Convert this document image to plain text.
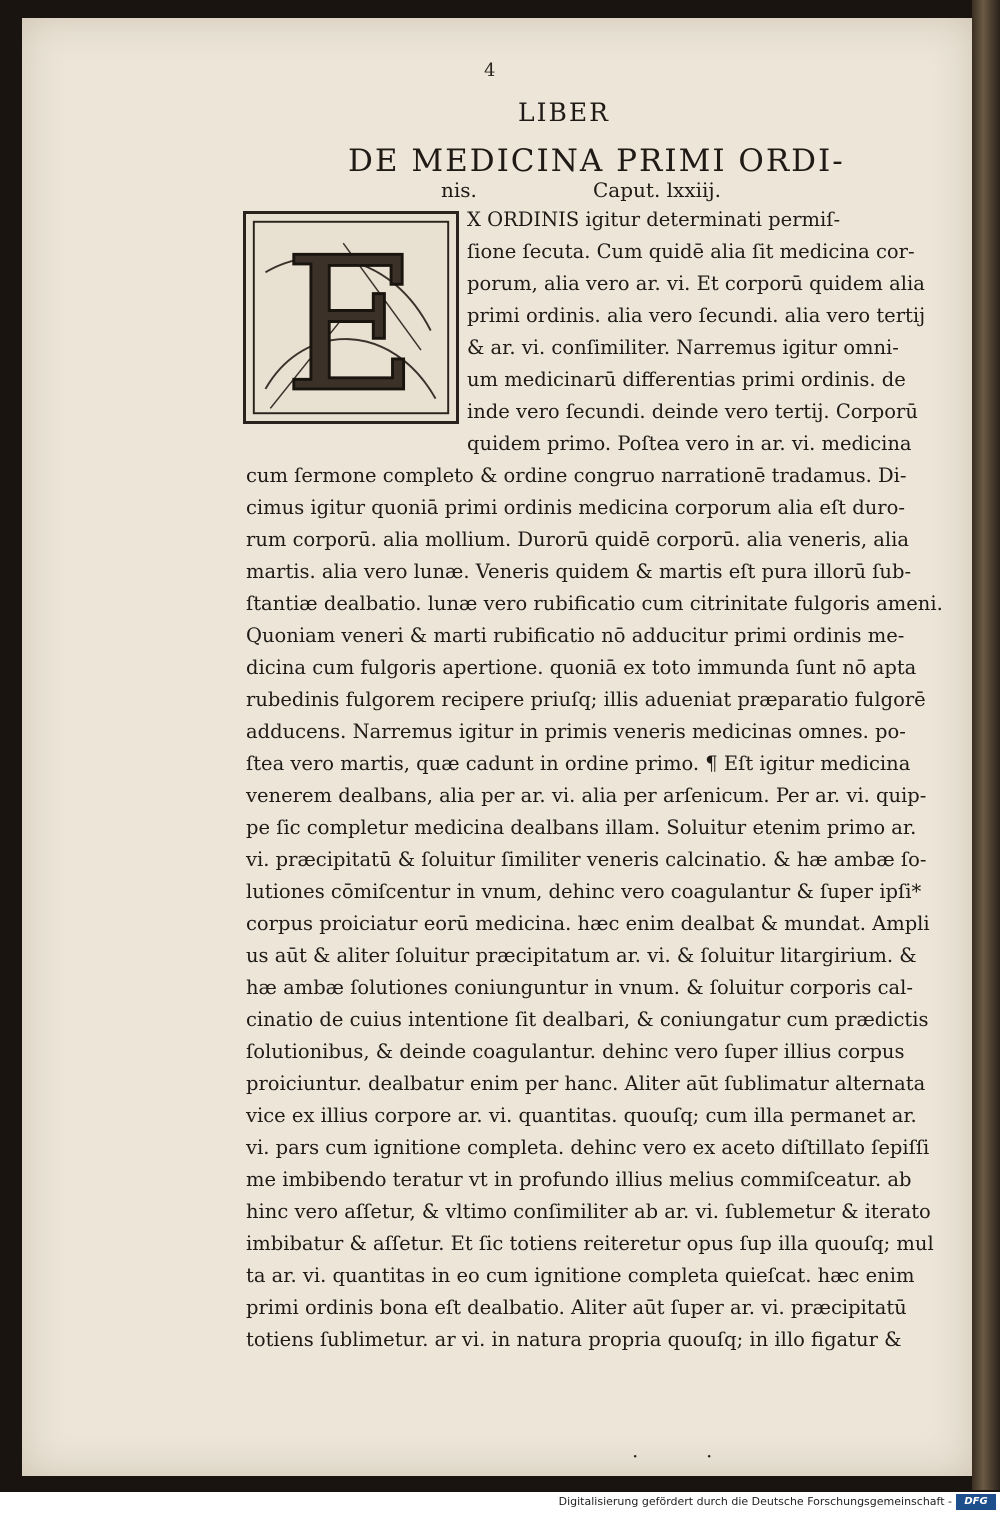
4
LIBER
DE MEDICINA PRIMI ORDI-
nis.	Caput. lxxiij.
E X ORDINIS igitur determinati permiſ-
ſione ſecuta. Cum quidē alia ſit medicina cor-
porum, alia vero ar. vi. Et corporū quidem alia
primi ordinis. alia vero ſecundi. alia vero tertij
& ar. vi. conſimiliter. Narremus igitur omni-
um medicinarū differentias primi ordinis. de
inde vero ſecundi. deinde vero tertij. Corporū
quidem primo. Poſtea vero in ar. vi. medicina
cum ſermone completo & ordine congruo narrationē tradamus. Di-
cimus igitur quoniā primi ordinis medicina corporum alia eſt duro-
rum corporū. alia mollium. Durorū quidē corporū. alia veneris, alia
martis. alia vero lunæ. Veneris quidem & martis eſt pura illorū ſub-
ſtantiæ dealbatio. lunæ vero rubificatio cum citrinitate fulgoris ameni.
Quoniam veneri & marti rubificatio nō adducitur primi ordinis me-
dicina cum fulgoris apertione. quoniā ex toto immunda ſunt nō apta
rubedinis fulgorem recipere priuſq; illis adueniat præparatio fulgorē
adducens. Narremus igitur in primis veneris medicinas omnes. po-
ſtea vero martis, quæ cadunt in ordine primo. ¶ Eſt igitur medicina
venerem dealbans, alia per ar. vi. alia per arſenicum. Per ar. vi. quip-
pe ſic completur medicina dealbans illam. Soluitur etenim primo ar.
vi. præcipitatū & ſoluitur ſimiliter veneris calcinatio. & hæ ambæ ſo-
lutiones cōmiſcentur in vnum, dehinc vero coagulantur & ſuper ipſi*
corpus proiciatur eorū medicina. hæc enim dealbat & mundat. Ampli
us aūt & aliter ſoluitur præcipitatum ar. vi. & ſoluitur litargirium. &
hæ ambæ ſolutiones coniunguntur in vnum. & ſoluitur corporis cal-
cinatio de cuius intentione ſit dealbari, & coniungatur cum prædictis
ſolutionibus, & deinde coagulantur. dehinc vero ſuper illius corpus
proiciuntur. dealbatur enim per hanc. Aliter aūt ſublimatur alternata
vice ex illius corpore ar. vi. quantitas. quouſq; cum illa permanet ar.
vi. pars cum ignitione completa. dehinc vero ex aceto diſtillato ſepiſſi
me imbibendo teratur vt in profundo illius melius commiſceatur. ab
hinc vero aſſetur, & vltimo conſimiliter ab ar. vi. ſublemetur & iterato
imbibatur & aſſetur. Et ſic totiens reiteretur opus ſup illa quouſq; mul
ta ar. vi. quantitas in eo cum ignitione completa quieſcat. hæc enim
primi ordinis bona eſt dealbatio. Aliter aūt ſuper ar. vi. præcipitatū
totiens ſublimetur. ar vi. in natura propria quouſq; in illo figatur &
·	·
Digitalisierung gefördert durch die Deutsche Forschungsgemeinschaft -	DFG
